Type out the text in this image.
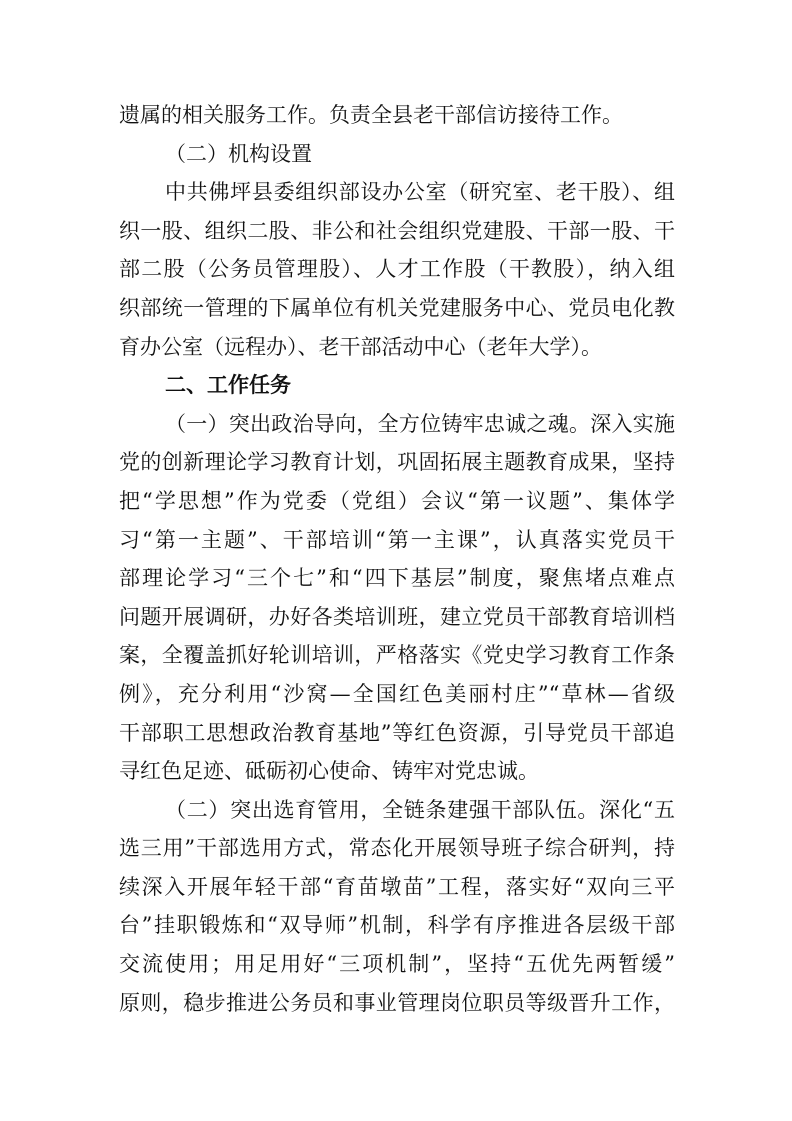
遗属的相关服务工作。负责全县老干部信访接待工作。
（二）机构设置
中共佛坪县委组织部设办公室（研究室、老干股）、组
织一股、组织二股、非公和社会组织党建股、干部一股、干
部二股（公务员管理股）、人才工作股（干教股），纳入组
织部统一管理的下属单位有机关党建服务中心、党员电化教
育办公室（远程办）、老干部活动中心（老年大学）。
二、工作任务
（一）突出政治导向，全方位铸牢忠诚之魂。深入实施
党的创新理论学习教育计划，巩固拓展主题教育成果，坚持
把“学思想”作为党委（党组）会议“第一议题”、集体学
习“第一主题”、干部培训“第一主课”，认真落实党员干
部理论学习“三个七”和“四下基层”制度，聚焦堵点难点
问题开展调研，办好各类培训班，建立党员干部教育培训档
案，全覆盖抓好轮训培训，严格落实《党史学习教育工作条
例》，充分利用“沙窝—全国红色美丽村庄”“草林—省级
干部职工思想政治教育基地”等红色资源，引导党员干部追
寻红色足迹、砥砺初心使命、铸牢对党忠诚。
（二）突出选育管用，全链条建强干部队伍。深化“五
选三用”干部选用方式，常态化开展领导班子综合研判，持
续深入开展年轻干部“育苗墩苗”工程，落实好“双向三平
台”挂职锻炼和“双导师”机制，科学有序推进各层级干部
交流使用；用足用好“三项机制”，坚持“五优先两暂缓”
原则，稳步推进公务员和事业管理岗位职员等级晋升工作，
